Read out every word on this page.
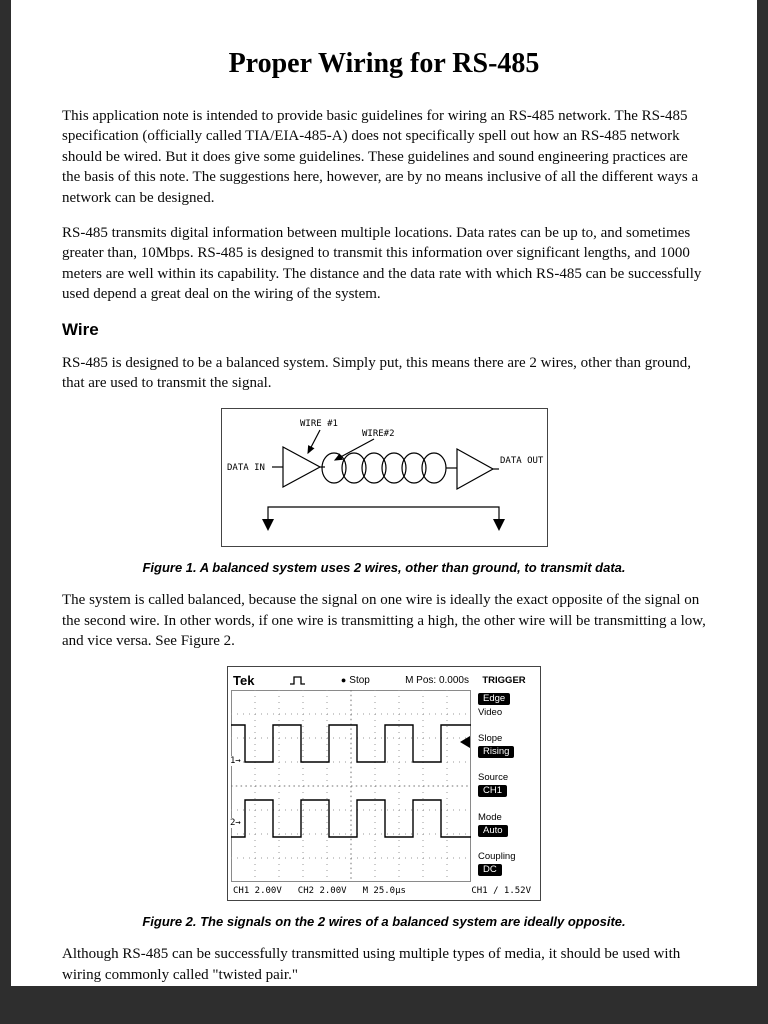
Proper Wiring for RS-485

This application note is intended to provide basic guidelines for wiring an RS-485 network. The RS-485 specification (officially called TIA/EIA-485-A) does not specifically spell out how an RS-485 network should be wired. But it does give some guidelines. These guidelines and sound engineering practices are the basis of this note. The suggestions here, however, are by no means inclusive of all the different ways a network can be designed.

RS-485 transmits digital information between multiple locations. Data rates can be up to, and sometimes greater than, 10Mbps. RS-485 is designed to transmit this information over significant lengths, and 1000 meters are well within its capability. The distance and the data rate with which RS-485 can be successfully used depend a great deal on the wiring of the system.

Wire

RS-485 is designed to be a balanced system. Simply put, this means there are 2 wires, other than ground, that are used to transmit the signal.

WIRE #1
WIRE#2
DATA IN
DATA OUT

Figure 1. A balanced system uses 2 wires, other than ground, to transmit data.

The system is called balanced, because the signal on one wire is ideally the exact opposite of the signal on the second wire. In other words, if one wire is transmitting a high, the other wire will be transmitting a low, and vice versa. See Figure 2.

Tek	● Stop	M Pos: 0.000s	TRIGGER
1→
2→
Edge
Video
Slope
Rising
Source
CH1
Mode
Auto
Coupling
DC
CH1 2.00V CH2 2.00V M 25.0µs	CH1 ∕ 1.52V

Figure 2. The signals on the 2 wires of a balanced system are ideally opposite.

Although RS-485 can be successfully transmitted using multiple types of media, it should be used with wiring commonly called "twisted pair."
